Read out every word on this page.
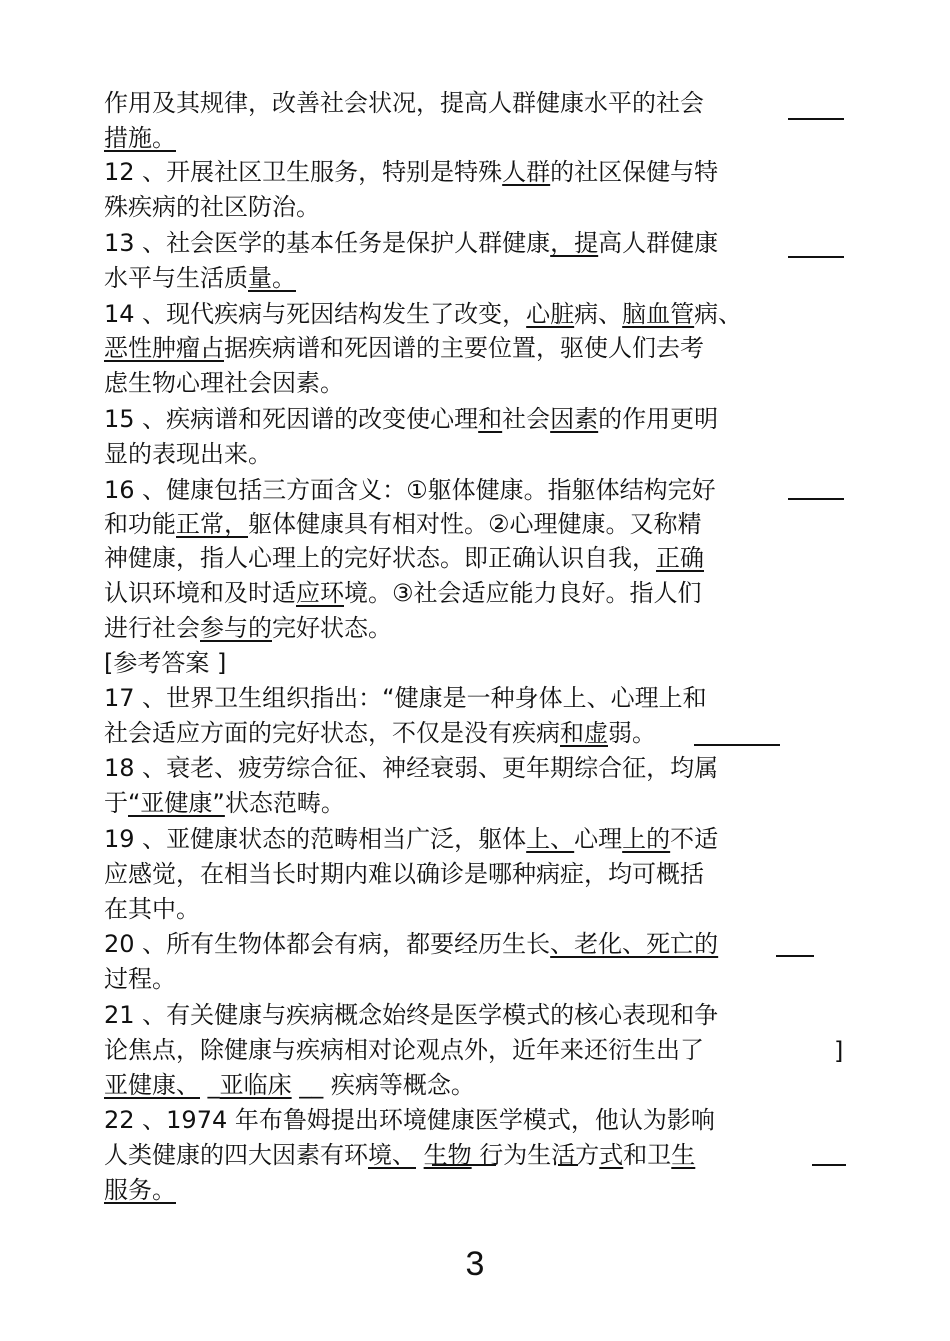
作用及其规律，改善社会状况，提高人群健康水平的社会
措施。
12 、开展社区卫生服务，特别是特殊人群的社区保健与特
殊疾病的社区防治。
13 、社会医学的基本任务是保护人群健康，提高人群健康
水平与生活质量。
14 、现代疾病与死因结构发生了改变，心脏病、脑血管病、
恶性肿瘤占据疾病谱和死因谱的主要位置，驱使人们去考
虑生物心理社会因素。
15 、疾病谱和死因谱的改变使心理和社会因素的作用更明
显的表现出来。
16 、健康包括三方面含义：①躯体健康。指躯体结构完好
和功能正常，躯体健康具有相对性。②心理健康。又称精
神健康，指人心理上的完好状态。即正确认识自我，正确
认识环境和及时适应环境。③社会适应能力良好。指人们
进行社会参与的完好状态。
[参考答案 ]
17 、世界卫生组织指出：“健康是一种身体上、心理上和
社会适应方面的完好状态，不仅是没有疾病和虚弱。
18 、衰老、疲劳综合征、神经衰弱、更年期综合征，均属
于“亚健康”状态范畴。
19 、亚健康状态的范畴相当广泛，躯体上、心理上的不适
应感觉，在相当长时期内难以确诊是哪种病症，均可概括
在其中。
20 、所有生物体都会有病，都要经历生长、老化、死亡的
过程。
21 、有关健康与疾病概念始终是医学模式的核心表现和争
论焦点，除健康与疾病相对论观点外，近年来还衍生出了
亚健康、 _亚临床 __ 疾病等概念。
22 、1974 年布鲁姆提出环境健康医学模式，他认为影响
人类健康的四大因素有环境、 生物 行为生活方式和卫生
服务。
]
3
